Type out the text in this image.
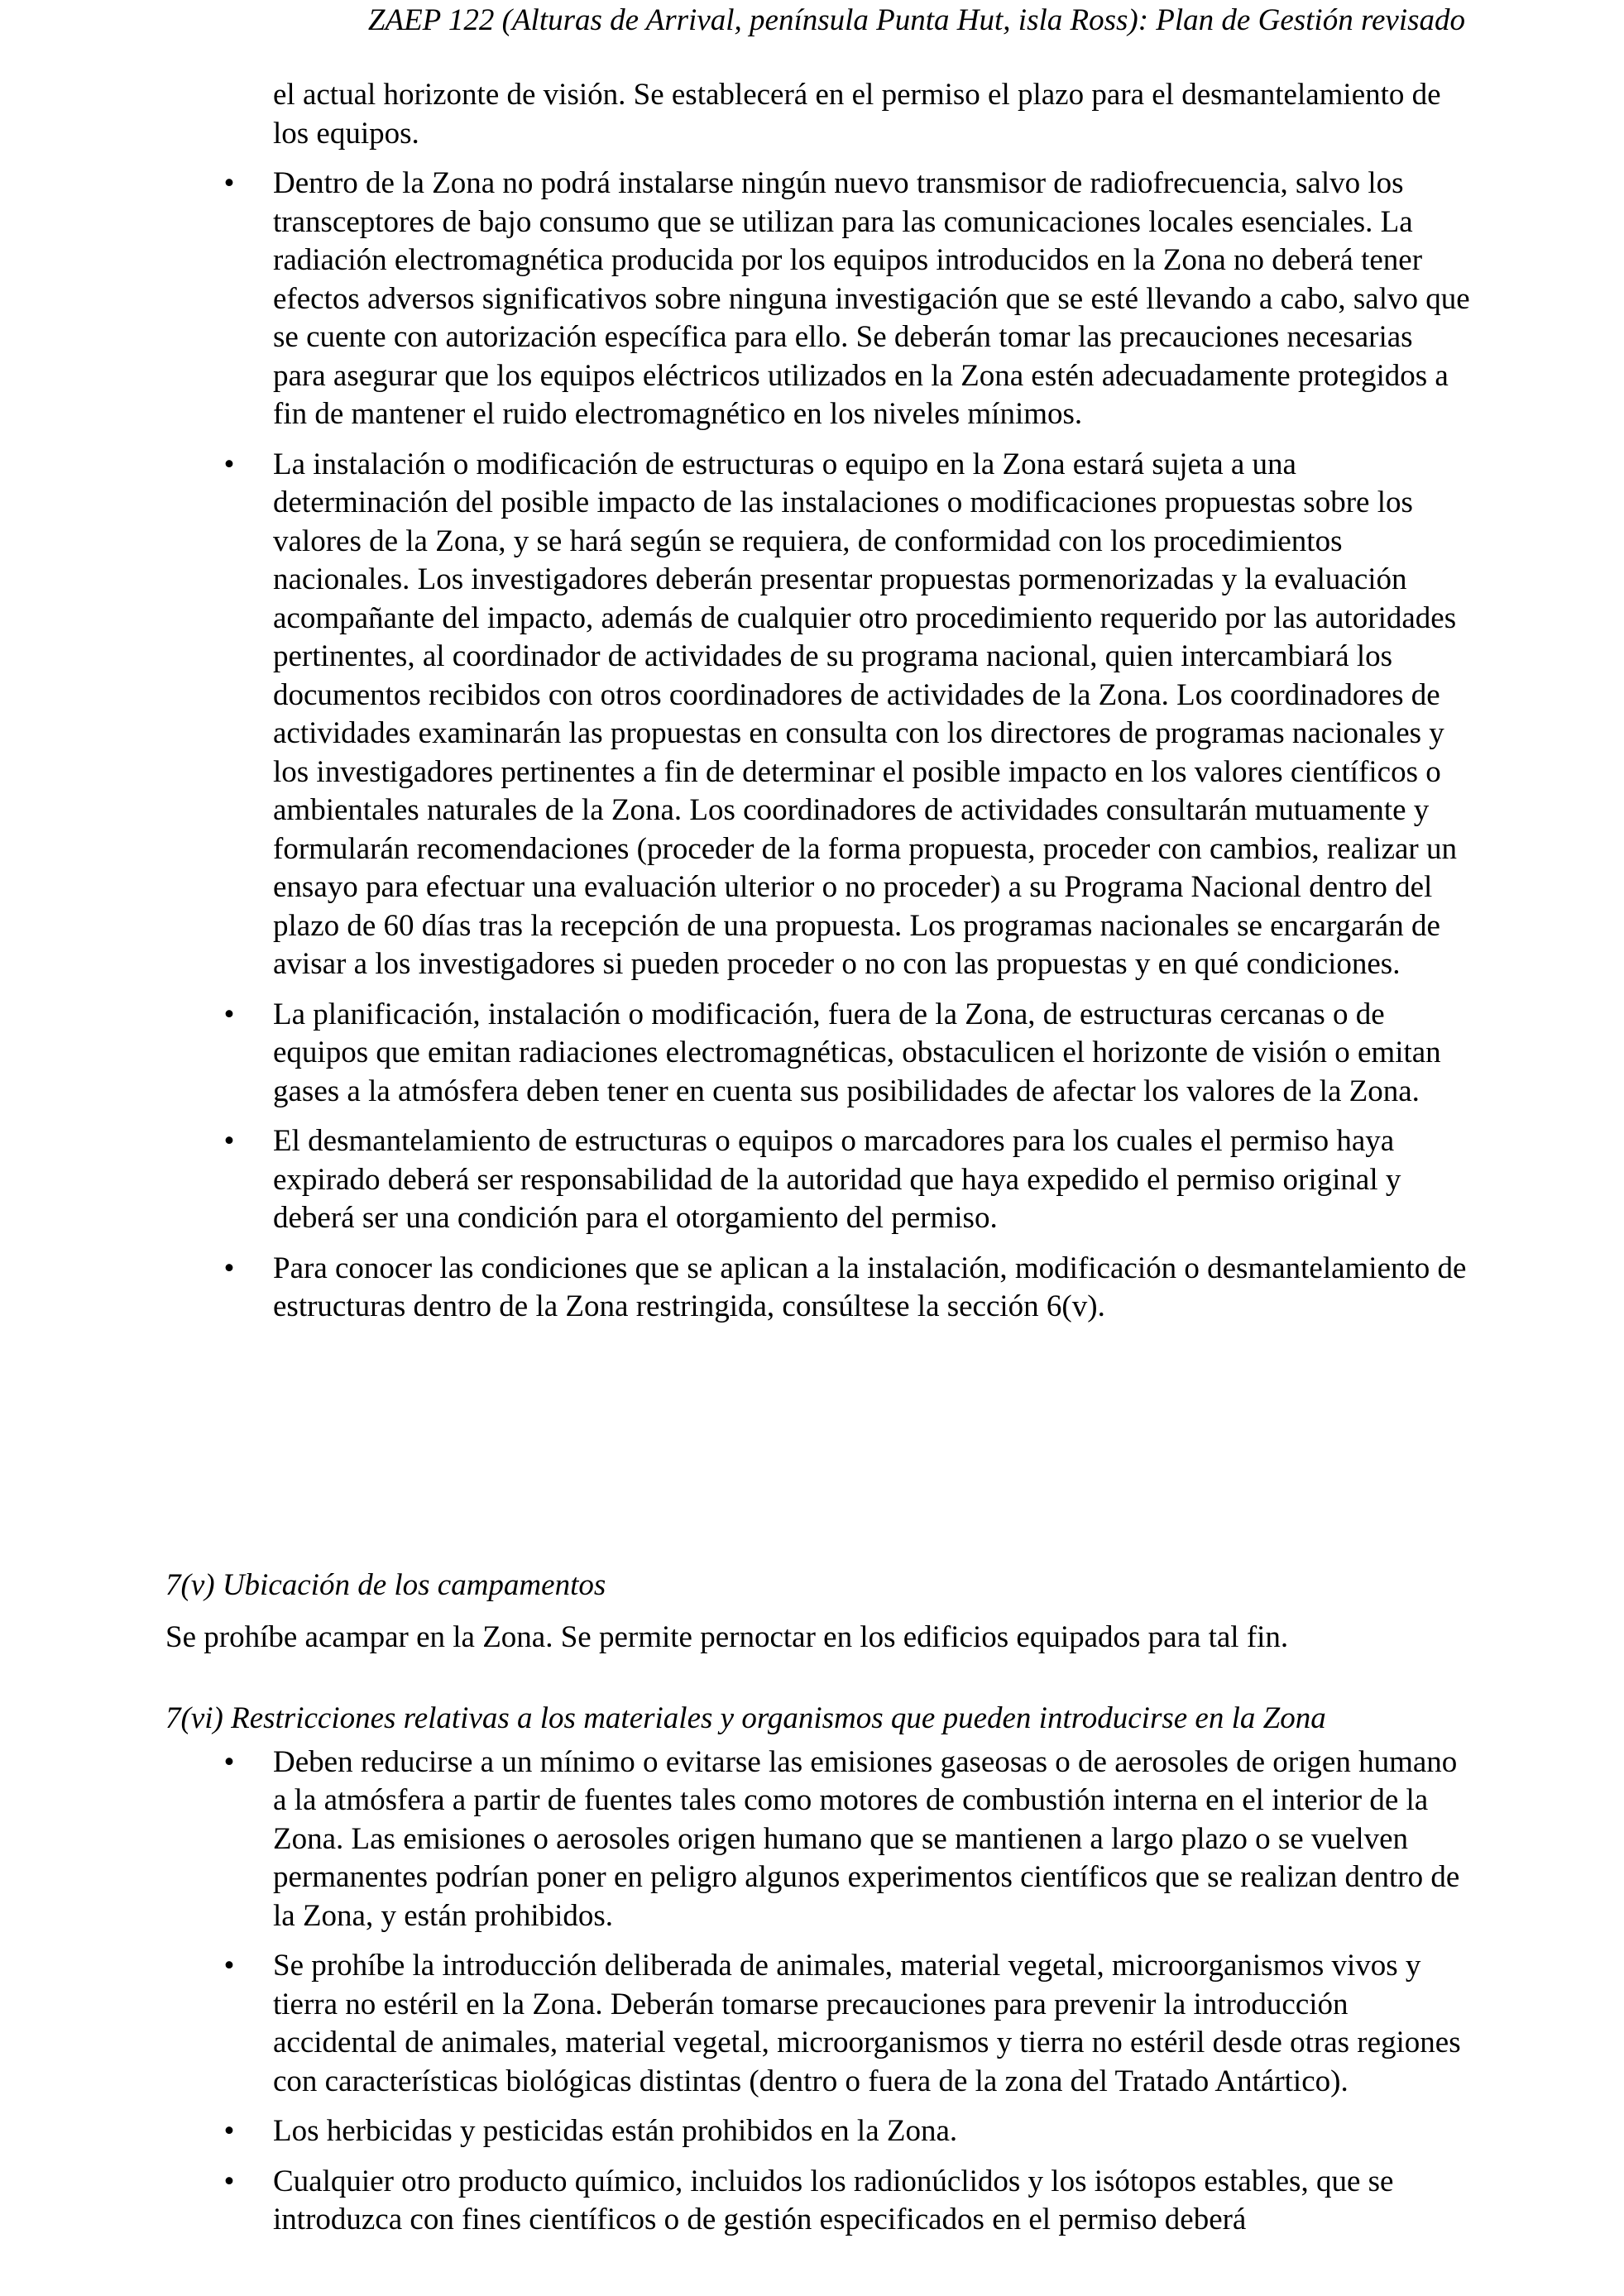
ZAEP 122 (Alturas de Arrival, península Punta Hut, isla Ross): Plan de Gestión revisado
el actual horizonte de visión. Se establecerá en el permiso el plazo para el desmantelamiento de los equipos.
• Dentro de la Zona no podrá instalarse ningún nuevo transmisor de radiofrecuencia, salvo los transceptores de bajo consumo que se utilizan para las comunicaciones locales esenciales. La radiación electromagnética producida por los equipos introducidos en la Zona no deberá tener efectos adversos significativos sobre ninguna investigación que se esté llevando a cabo, salvo que se cuente con autorización específica para ello. Se deberán tomar las precauciones necesarias para asegurar que los equipos eléctricos utilizados en la Zona estén adecuadamente protegidos a fin de mantener el ruido electromagnético en los niveles mínimos.
• La instalación o modificación de estructuras o equipo en la Zona estará sujeta a una determinación del posible impacto de las instalaciones o modificaciones propuestas sobre los valores de la Zona, y se hará según se requiera, de conformidad con los procedimientos nacionales. Los investigadores deberán presentar propuestas pormenorizadas y la evaluación acompañante del impacto, además de cualquier otro procedimiento requerido por las autoridades pertinentes, al coordinador de actividades de su programa nacional, quien intercambiará los documentos recibidos con otros coordinadores de actividades de la Zona. Los coordinadores de actividades examinarán las propuestas en consulta con los directores de programas nacionales y los investigadores pertinentes a fin de determinar el posible impacto en los valores científicos o ambientales naturales de la Zona. Los coordinadores de actividades consultarán mutuamente y formularán recomendaciones (proceder de la forma propuesta, proceder con cambios, realizar un ensayo para efectuar una evaluación ulterior o no proceder) a su Programa Nacional dentro del plazo de 60 días tras la recepción de una propuesta. Los programas nacionales se encargarán de avisar a los investigadores si pueden proceder o no con las propuestas y en qué condiciones.
• La planificación, instalación o modificación, fuera de la Zona, de estructuras cercanas o de equipos que emitan radiaciones electromagnéticas, obstaculicen el horizonte de visión o emitan gases a la atmósfera deben tener en cuenta sus posibilidades de afectar los valores de la Zona.
• El desmantelamiento de estructuras o equipos o marcadores para los cuales el permiso haya expirado deberá ser responsabilidad de la autoridad que haya expedido el permiso original y deberá ser una condición para el otorgamiento del permiso.
• Para conocer las condiciones que se aplican a la instalación, modificación o desmantelamiento de estructuras dentro de la Zona restringida, consúltese la sección 6(v).
7(v) Ubicación de los campamentos
Se prohíbe acampar en la Zona. Se permite pernoctar en los edificios equipados para tal fin.
7(vi) Restricciones relativas a los materiales y organismos que pueden introducirse en la Zona
• Deben reducirse a un mínimo o evitarse las emisiones gaseosas o de aerosoles de origen humano a la atmósfera a partir de fuentes tales como motores de combustión interna en el interior de la Zona. Las emisiones o aerosoles origen humano que se mantienen a largo plazo o se vuelven permanentes podrían poner en peligro algunos experimentos científicos que se realizan dentro de la Zona, y están prohibidos.
• Se prohíbe la introducción deliberada de animales, material vegetal, microorganismos vivos y tierra no estéril en la Zona. Deberán tomarse precauciones para prevenir la introducción accidental de animales, material vegetal, microorganismos y tierra no estéril desde otras regiones con características biológicas distintas (dentro o fuera de la zona del Tratado Antártico).
• Los herbicidas y pesticidas están prohibidos en la Zona.
• Cualquier otro producto químico, incluidos los radionúclidos y los isótopos estables, que se introduzca con fines científicos o de gestión especificados en el permiso deberá
